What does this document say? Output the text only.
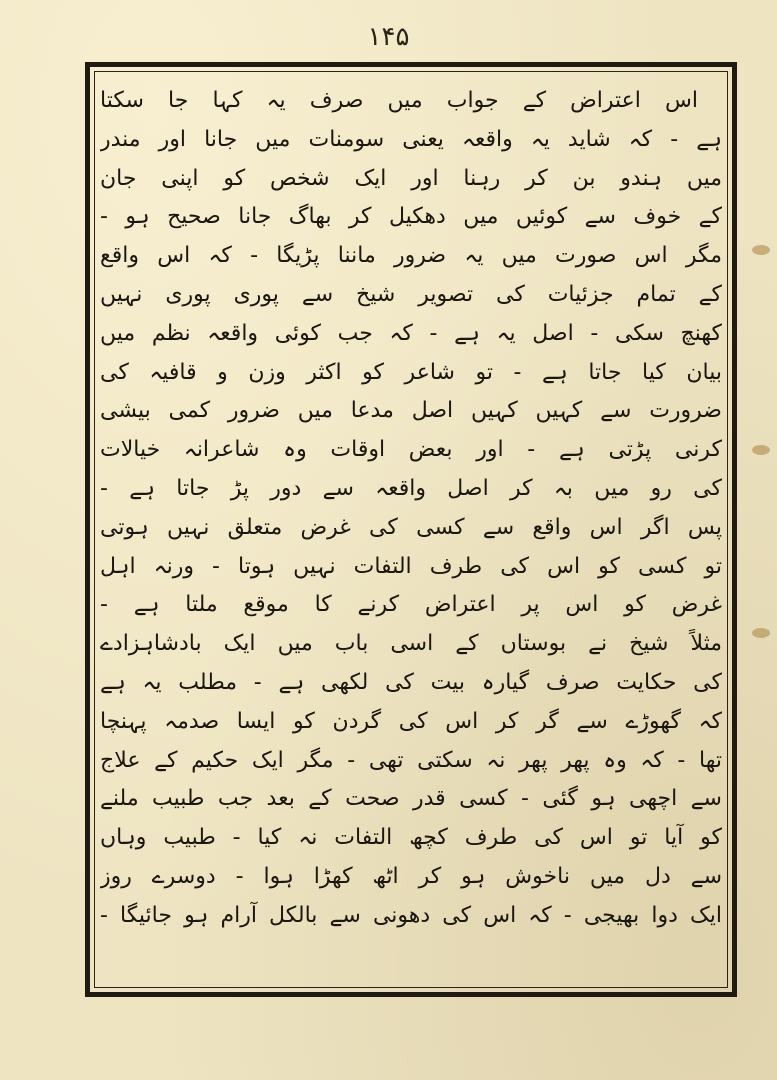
۱۴۵
اس اعتراض کے جواب میں صرف یہ کہا جا سکتا
ہے - کہ شاید یہ واقعہ یعنی سومنات میں جانا اور مندر
میں ہندو بن کر رہنا اور ایک شخص کو اپنی جان
کے خوف سے کوئیں میں دھکیل کر بھاگ جانا صحیح ہو -
مگر اس صورت میں یہ ضرور ماننا پڑیگا - کہ اس واقع
کے تمام جزئیات کی تصویر شیخ سے پوری پوری نہیں
کھنچ سکی - اصل یہ ہے - کہ جب کوئی واقعہ نظم میں
بیان کیا جاتا ہے - تو شاعر کو اکثر وزن و قافیہ کی
ضرورت سے کہیں کہیں اصل مدعا میں ضرور کمی بیشی
کرنی پڑتی ہے - اور بعض اوقات وہ شاعرانہ خیالات
کی رو میں بہ کر اصل واقعہ سے دور پڑ جاتا ہے -
پس اگر اس واقع سے کسی کی غرض متعلق نہیں ہوتی
تو کسی کو اس کی طرف التفات نہیں ہوتا - ورنہ اہل
غرض کو اس پر اعتراض کرنے کا موقع ملتا ہے -
مثلاً شیخ نے بوستاں کے اسی باب میں ایک بادشاہزادے
کی حکایت صرف گیارہ بیت کی لکھی ہے - مطلب یہ ہے
کہ گھوڑے سے گر کر اس کی گردن کو ایسا صدمہ پہنچا
تھا - کہ وہ پھر پھر نہ سکتی تھی - مگر ایک حکیم کے علاج
سے اچھی ہو گئی - کسی قدر صحت کے بعد جب طبیب ملنے
کو آیا تو اس کی طرف کچھ التفات نہ کیا - طبیب وہاں
سے دل میں ناخوش ہو کر اٹھ کھڑا ہوا - دوسرے روز
ایک دوا بھیجی - کہ اس کی دھونی سے بالکل آرام ہو جائیگا -
